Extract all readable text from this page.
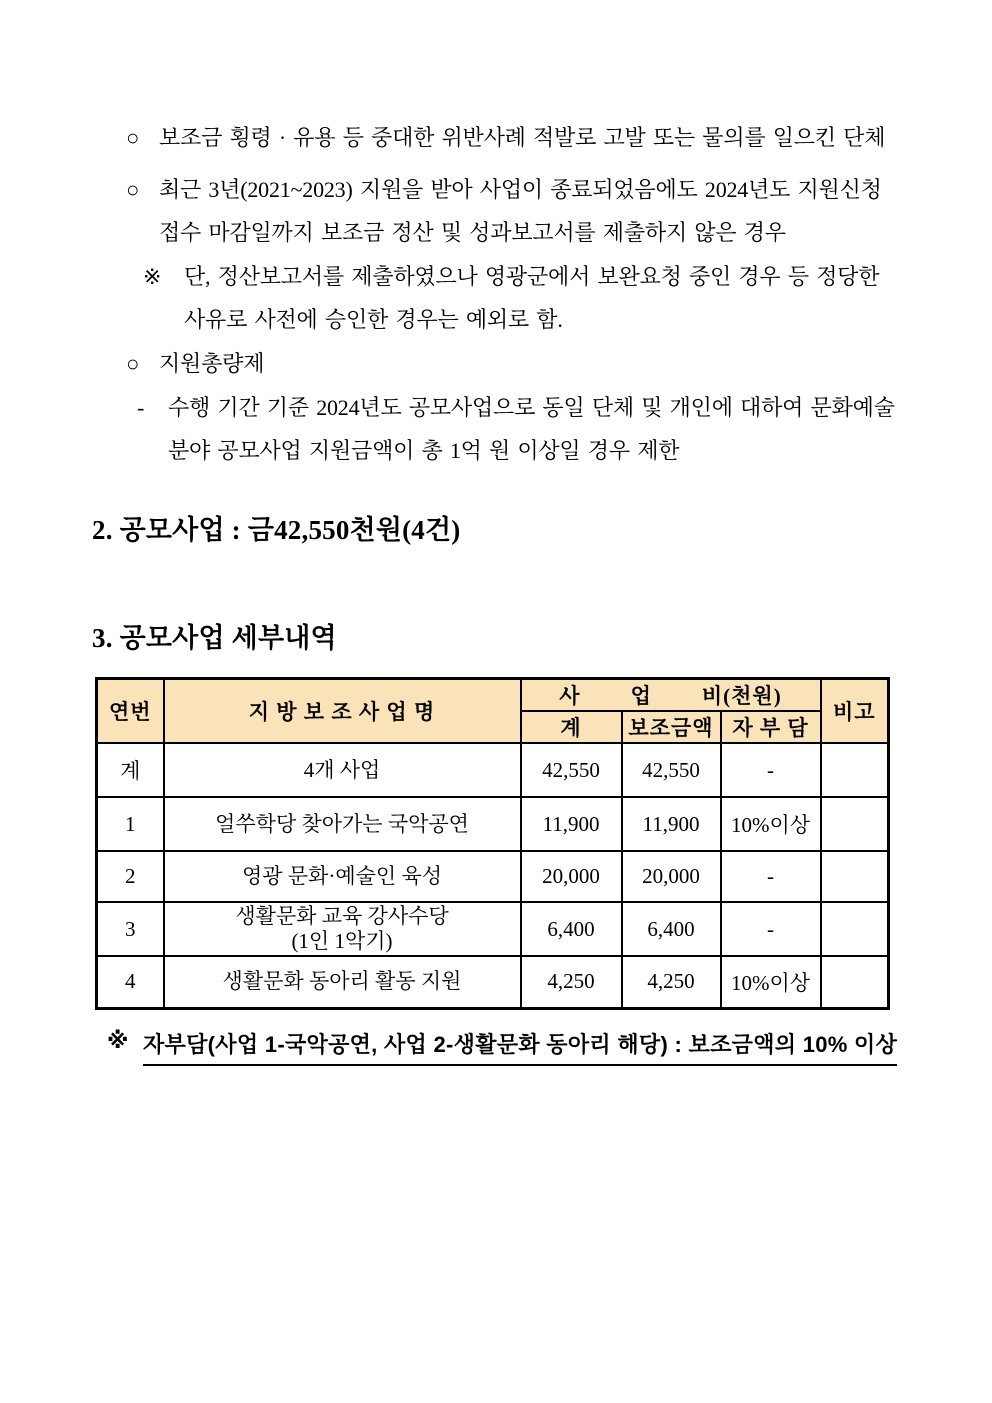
○ 보조금 횡령 · 유용 등 중대한 위반사례 적발로 고발 또는 물의를 일으킨 단체
○ 최근 3년(2021~2023) 지원을 받아 사업이 종료되었음에도 2024년도 지원신청
접수 마감일까지 보조금 정산 및 성과보고서를 제출하지 않은 경우
※	단, 정산보고서를 제출하였으나 영광군에서 보완요청 중인 경우 등 정당한
사유로 사전에 승인한 경우는 예외로 함.
○ 지원총량제
-	수행 기간 기준 2024년도 공모사업으로 동일 단체 및 개인에 대하여 문화예술
분야 공모사업 지원금액이 총 1억 원 이상일 경우 제한
2. 공모사업 : 금42,550천원(4건)
3. 공모사업 세부내역
연번	지 방 보 조 사 업 명	사        업        비(천원)			비고
		계	보조금액	자 부 담	
계	4개 사업	42,550	42,550	-	
1	얼쑤학당 찾아가는 국악공연	11,900	11,900	10%이상	
2	영광 문화·예술인 육성	20,000	20,000	-	
3	생활문화 교육 강사수당
(1인 1악기)	6,400	6,400	-	
4	생활문화 동아리 활동 지원	4,250	4,250	10%이상	
※ 자부담(사업 1-국악공연, 사업 2-생활문화 동아리 해당) : 보조금액의 10% 이상
